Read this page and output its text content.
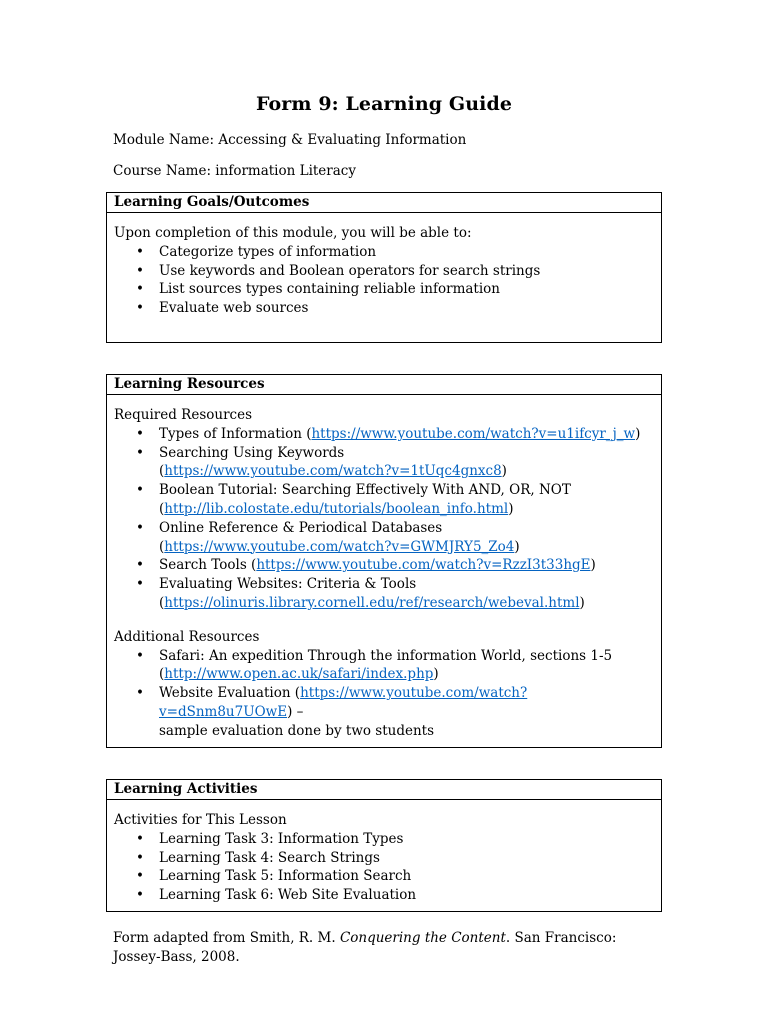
Form 9: Learning Guide
Module Name: Accessing & Evaluating Information
Course Name: information Literacy
Learning Goals/Outcomes
Upon completion of this module, you will be able to:
• Categorize types of information
• Use keywords and Boolean operators for search strings
• List sources types containing reliable information
• Evaluate web sources
Learning Resources
Required Resources
• Types of Information (https://www.youtube.com/watch?v=u1ifcyr_j_w)
• Searching Using Keywords
(https://www.youtube.com/watch?v=1tUqc4gnxc8)
• Boolean Tutorial: Searching Effectively With AND, OR, NOT
(http://lib.colostate.edu/tutorials/boolean_info.html)
• Online Reference & Periodical Databases
(https://www.youtube.com/watch?v=GWMJRY5_Zo4)
• Search Tools (https://www.youtube.com/watch?v=RzzI3t33hgE)
• Evaluating Websites: Criteria & Tools
(https://olinuris.library.cornell.edu/ref/research/webeval.html)
Additional Resources
• Safari: An expedition Through the information World, sections 1-5
(http://www.open.ac.uk/safari/index.php)
• Website Evaluation (https://www.youtube.com/watch?v=dSnm8u7UOwE) –
sample evaluation done by two students
Learning Activities
Activities for This Lesson
• Learning Task 3: Information Types
• Learning Task 4: Search Strings
• Learning Task 5: Information Search
• Learning Task 6: Web Site Evaluation
Form adapted from Smith, R. M. Conquering the Content. San Francisco: Jossey-Bass, 2008.
